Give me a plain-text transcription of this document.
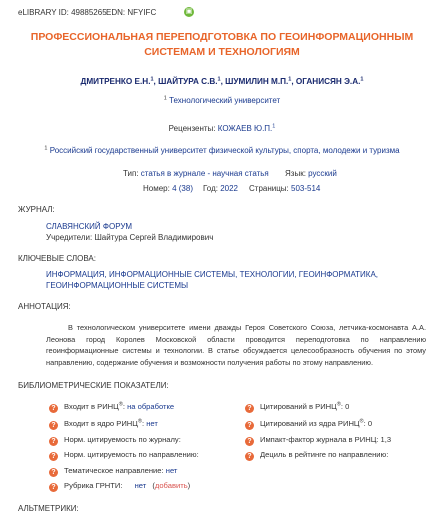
eLIBRARY ID: 49885265 EDN: NFYIFC	▣
ПРОФЕССИОНАЛЬНАЯ ПЕРЕПОДГОТОВКА ПО ГЕОИНФОРМАЦИОННЫМ
СИСТЕМАМ И ТЕХНОЛОГИЯМ
ДМИТРЕНКО Е.Н.$^1$, ШАЙТУРА С.В.$^1$, ШУМИЛИН М.П.$^1$, ОГАНИСЯН Э.А.$^1$
$^1$ Технологический университет
Рецензенты: КОЖАЕВ Ю.П.$^1$
$^1$ Российский государственный университет физической культуры, спорта, молодежи и туризма
Тип: статья в журнале - научная статья Язык: русский
Номер: 4 (38) Год: 2022 Страницы: 503-514
ЖУРНАЛ:
СЛАВЯНСКИЙ ФОРУМ
Учредители: Шайтура Сергей Владимирович
КЛЮЧЕВЫЕ СЛОВА:
ИНФОРМАЦИЯ, ИНФОРМАЦИОННЫЕ СИСТЕМЫ, ТЕХНОЛОГИИ, ГЕОИНФОРМАТИКА,
ГЕОИНФОРМАЦИОННЫЕ СИСТЕМЫ
АННОТАЦИЯ:
В технологическом университете имени дважды Героя Советского Союза, летчика-космонавта А.А. Леонова город Королев Московской области проводится переподготовка по направлению геоинформационные системы и технологии. В статье обсуждается целесообразность обучения по этому направлению, содержание обучения и возможности получения работы по этому направлению.
БИБЛИОМЕТРИЧЕСКИЕ ПОКАЗАТЕЛИ:
? Входит в РИНЦ®: на обработке
? Входит в ядро РИНЦ®: нет
? Норм. цитируемость по журналу:
? Норм. цитируемость по направлению:
? Тематическое направление: нет
? Рубрика ГРНТИ: нет (добавить)
? Цитирований в РИНЦ®: 0
? Цитирований из ядра РИНЦ®: 0
? Импакт-фактор журнала в РИНЦ: 1,3
? Дециль в рейтинге по направлению:
АЛЬТМЕТРИКИ:
